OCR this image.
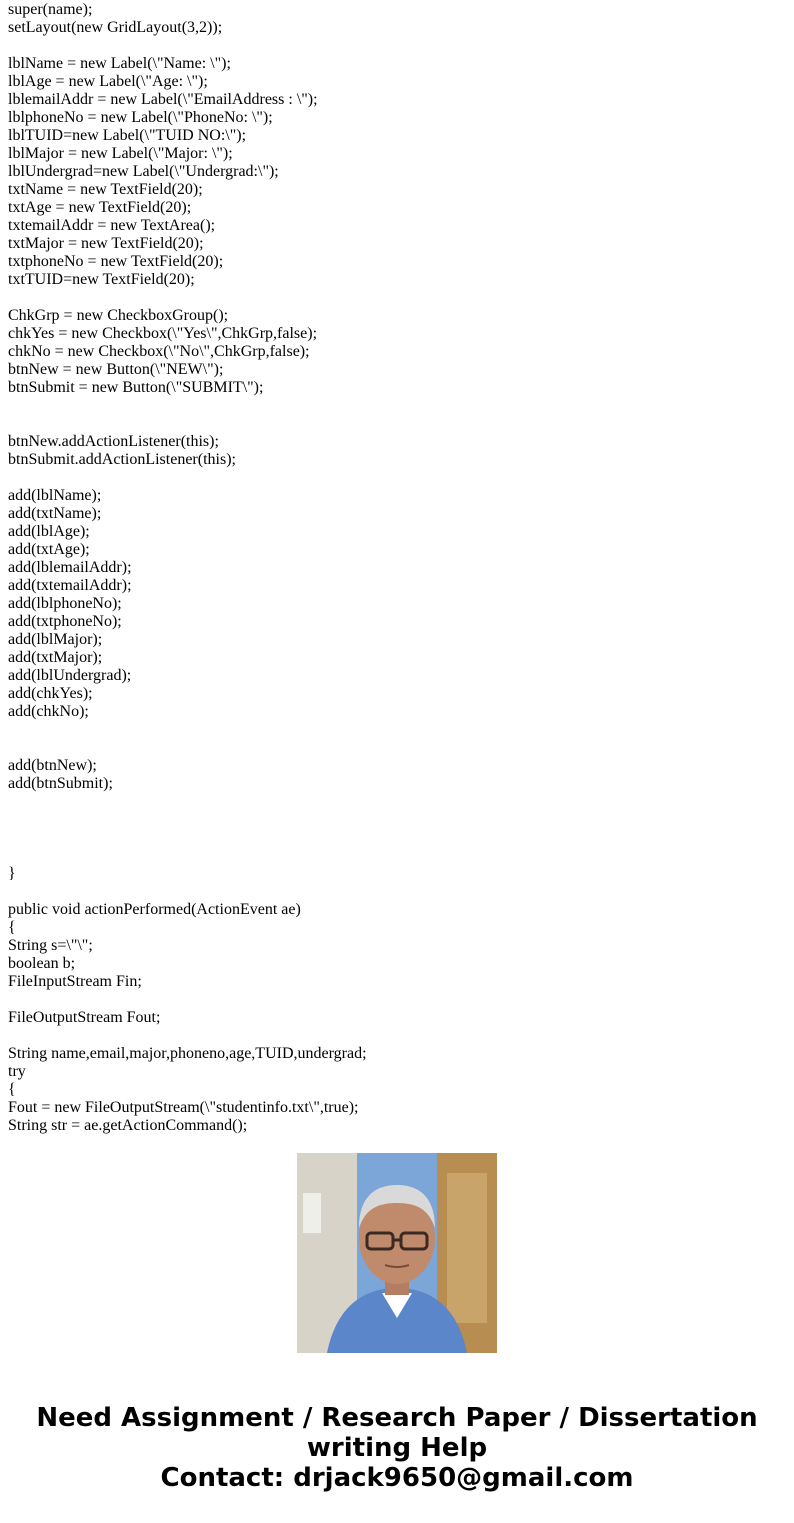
super(name);
setLayout(new GridLayout(3,2));
lblName = new Label(\"Name: \");
lblAge = new Label(\"Age: \");
lblemailAddr = new Label(\"EmailAddress : \");
lblphoneNo = new Label(\"PhoneNo: \");
lblTUID=new Label(\"TUID NO:\");
lblMajor = new Label(\"Major: \");
lblUndergrad=new Label(\"Undergrad:\");
txtName = new TextField(20);
txtAge = new TextField(20);
txtemailAddr = new TextArea();
txtMajor = new TextField(20);
txtphoneNo = new TextField(20);
txtTUID=new TextField(20);
ChkGrp = new CheckboxGroup();
chkYes = new Checkbox(\"Yes\",ChkGrp,false);
chkNo = new Checkbox(\"No\",ChkGrp,false);
btnNew = new Button(\"NEW\");
btnSubmit = new Button(\"SUBMIT\");
btnNew.addActionListener(this);
btnSubmit.addActionListener(this);
add(lblName);
add(txtName);
add(lblAge);
add(txtAge);
add(lblemailAddr);
add(txtemailAddr);
add(lblphoneNo);
add(txtphoneNo);
add(lblMajor);
add(txtMajor);
add(lblUndergrad);
add(chkYes);
add(chkNo);
add(btnNew);
add(btnSubmit);
}
public void actionPerformed(ActionEvent ae)
{
String s=\"\";
boolean b;
FileInputStream Fin;
FileOutputStream Fout;
String name,email,major,phoneno,age,TUID,undergrad;
try
{
Fout = new FileOutputStream(\"studentinfo.txt\",true);
String str = ae.getActionCommand();
Need Assignment / Research Paper / Dissertation
writing Help
Contact: drjack9650@gmail.com
